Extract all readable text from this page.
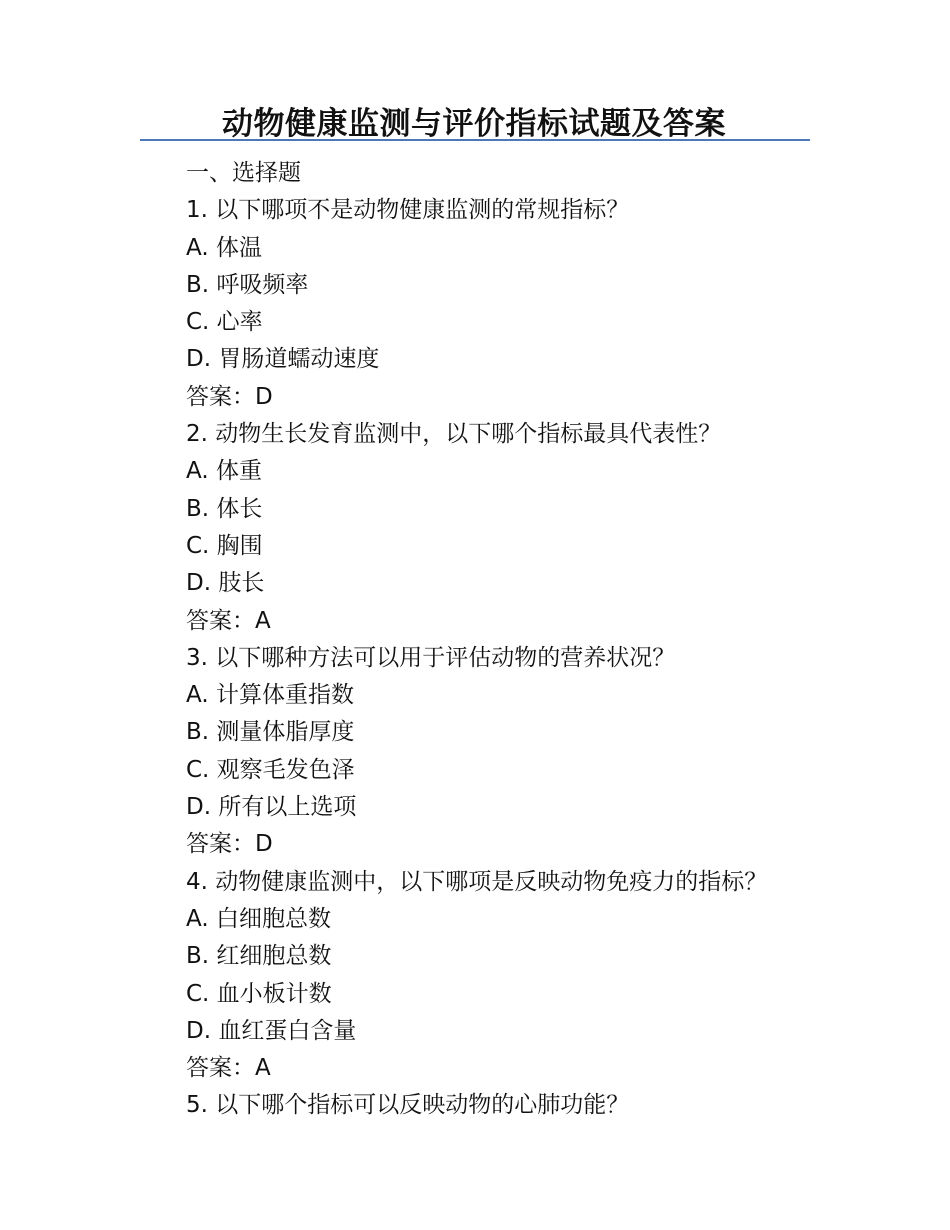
动物健康监测与评价指标试题及答案
一、选择题
1. 以下哪项不是动物健康监测的常规指标？
A. 体温
B. 呼吸频率
C. 心率
D. 胃肠道蠕动速度
答案：D
2. 动物生长发育监测中，以下哪个指标最具代表性？
A. 体重
B. 体长
C. 胸围
D. 肢长
答案：A
3. 以下哪种方法可以用于评估动物的营养状况？
A. 计算体重指数
B. 测量体脂厚度
C. 观察毛发色泽
D. 所有以上选项
答案：D
4. 动物健康监测中，以下哪项是反映动物免疫力的指标？
A. 白细胞总数
B. 红细胞总数
C. 血小板计数
D. 血红蛋白含量
答案：A
5. 以下哪个指标可以反映动物的心肺功能？
